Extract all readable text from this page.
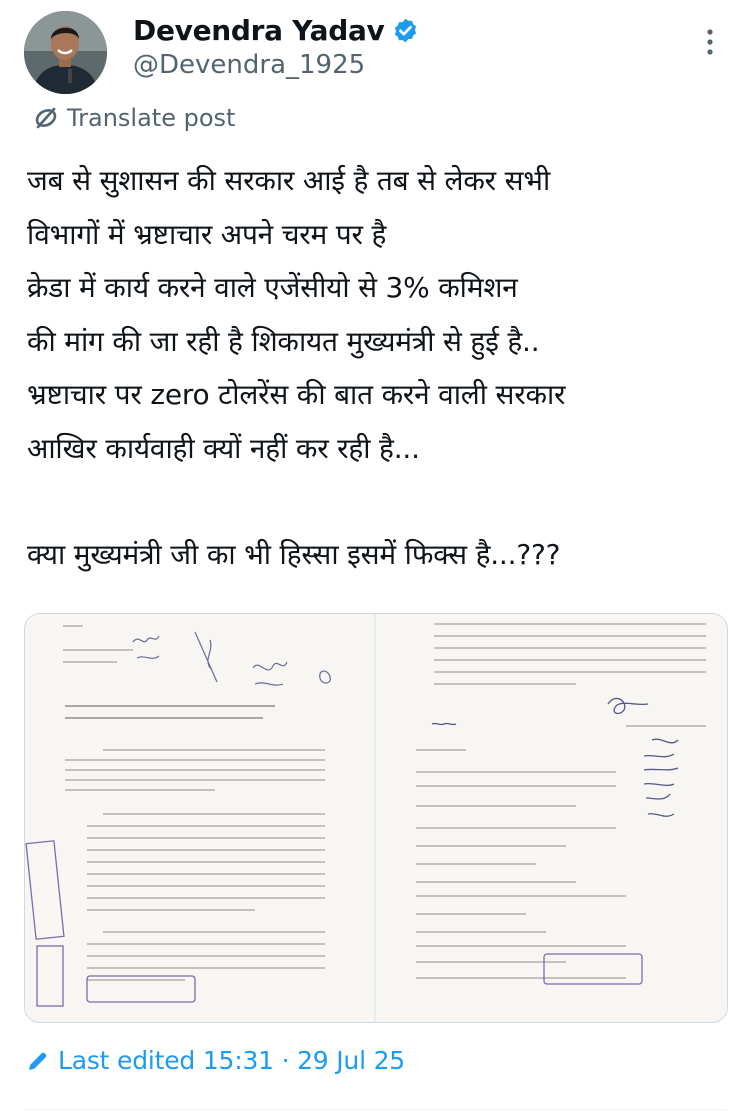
Devendra Yadav
@Devendra_1925
Translate post
जब से सुशासन की सरकार आई है तब से लेकर सभी
विभागों में भ्रष्टाचार अपने चरम पर है
क्रेडा में कार्य करने वाले एजेंसीयो से 3% कमिशन
की मांग की जा रही है शिकायत मुख्यमंत्री से हुई है..
भ्रष्टाचार पर zero टोलरेंस की बात करने वाली सरकार
आखिर कार्यवाही क्यों नहीं कर रही है...
क्या मुख्यमंत्री जी का भी हिस्सा इसमें फिक्स है...???
Last edited 15:31 · 29 Jul 25
